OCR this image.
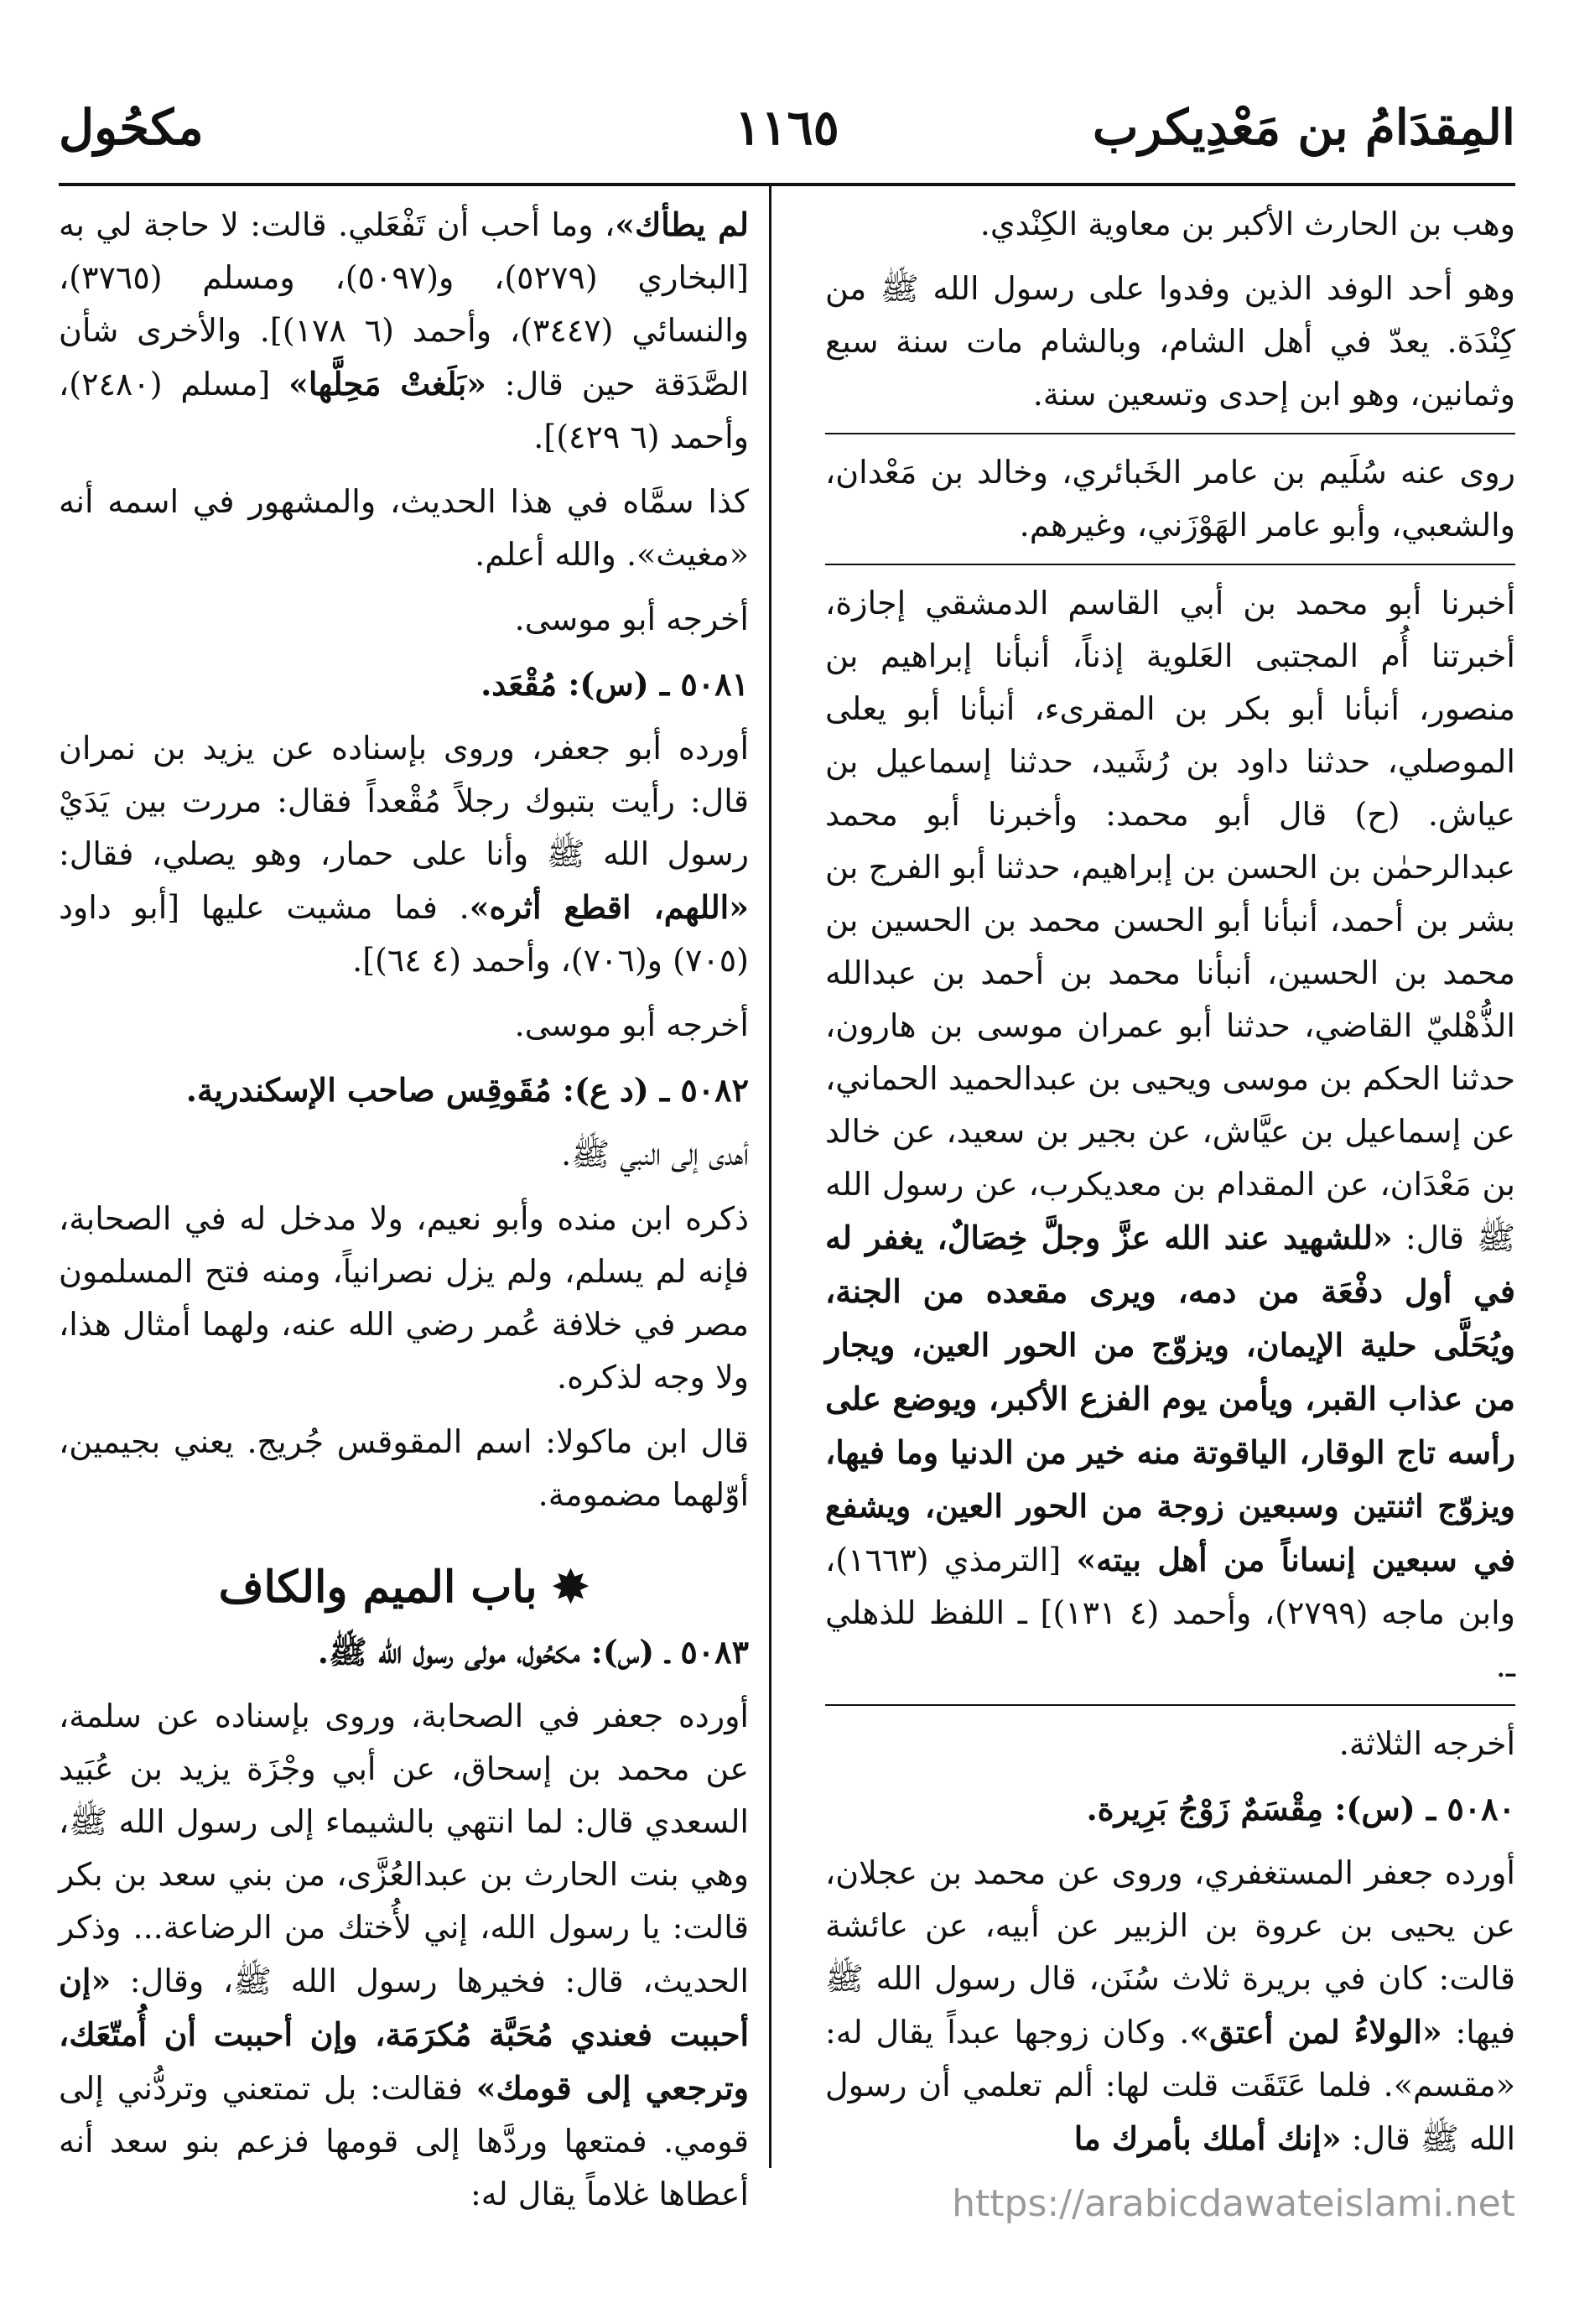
المِقدَامُ بن مَعْدِيكرب
١١٦٥
مكحُول

وهب بن الحارث الأكبر بن معاوية الكِنْدي.

وهو أحد الوفد الذين وفدوا على رسول الله ﷺ من كِنْدَة. يعدّ في أهل الشام، وبالشام مات سنة سبع وثمانين، وهو ابن إحدى وتسعين سنة.

روى عنه سُلَيم بن عامر الخَبائري، وخالد بن مَعْدان، والشعبي، وأبو عامر الهَوْزَني، وغيرهم.

أخبرنا أبو محمد بن أبي القاسم الدمشقي إجازة، أخبرتنا أُم المجتبى العَلوية إذناً، أنبأنا إبراهيم بن منصور، أنبأنا أبو بكر بن المقرىء، أنبأنا أبو يعلى الموصلي، حدثنا داود بن رُشَيد، حدثنا إسماعيل بن عياش. (ح) قال أبو محمد: وأخبرنا أبو محمد عبدالرحمٰن بن الحسن بن إبراهيم، حدثنا أبو الفرج بن بشر بن أحمد، أنبأنا أبو الحسن محمد بن الحسين بن محمد بن الحسين، أنبأنا محمد بن أحمد بن عبدالله الذُّهْليّ القاضي، حدثنا أبو عمران موسى بن هارون، حدثنا الحكم بن موسى ويحيى بن عبدالحميد الحماني، عن إسماعيل بن عيَّاش، عن بجير بن سعيد، عن خالد بن مَعْدَان، عن المقدام بن معديكرب، عن رسول الله ﷺ قال: «للشهيد عند الله عزَّ وجلَّ خِصَالٌ، يغفر له في أول دفْعَة من دمه، ويرى مقعده من الجنة، ويُحَلَّى حلية الإيمان، ويزوّج من الحور العين، ويجار من عذاب القبر، ويأمن يوم الفزع الأكبر، ويوضع على رأسه تاج الوقار، الياقوتة منه خير من الدنيا وما فيها، ويزوّج اثنتين وسبعين زوجة من الحور العين، ويشفع في سبعين إنساناً من أهل بيته» [الترمذي (١٦٦٣)، وابن ماجه (٢٧٩٩)، وأحمد (٤ ١٣١)] ـ اللفظ للذهلي ـ.

أخرجه الثلاثة.

٥٠٨٠ ـ (س): مِقْسَمٌ زَوْجُ بَرِيرة.

أورده جعفر المستغفري، وروى عن محمد بن عجلان، عن يحيى بن عروة بن الزبير عن أبيه، عن عائشة قالت: كان في بريرة ثلاث سُنَن، قال رسول الله ﷺ فيها: «الولاءُ لمن أعتق». وكان زوجها عبداً يقال له: «مقسم». فلما عَتَقَت قلت لها: ألم تعلمي أن رسول الله ﷺ قال: «إنك أملك بأمرك ما

لم يطأك»، وما أحب أن تَفْعَلي. قالت: لا حاجة لي به [البخاري (٥٢٧٩)، و(٥٠٩٧)، ومسلم (٣٧٦٥)، والنسائي (٣٤٤٧)، وأحمد (٦ ١٧٨)]. والأخرى شأن الصَّدَقة حين قال: «بَلَغتْ مَحِلَّها» [مسلم (٢٤٨٠)، وأحمد (٦ ٤٢٩)].

كذا سمَّاه في هذا الحديث، والمشهور في اسمه أنه «مغيث». والله أعلم.

أخرجه أبو موسى.

٥٠٨١ ـ (س): مُقْعَد.

أورده أبو جعفر، وروى بإسناده عن يزيد بن نمران قال: رأيت بتبوك رجلاً مُقْعداً فقال: مررت بين يَدَيْ رسول الله ﷺ وأنا على حمار، وهو يصلي، فقال: «اللهم، اقطع أثره». فما مشيت عليها [أبو داود (٧٠٥) و(٧٠٦)، وأحمد (٤ ٦٤)].

أخرجه أبو موسى.

٥٠٨٢ ـ (د ع): مُقَوقِس صاحب الإسكندرية.

أهدى إلى النبي ﷺ.

ذكره ابن منده وأبو نعيم، ولا مدخل له في الصحابة، فإنه لم يسلم، ولم يزل نصرانياً، ومنه فتح المسلمون مصر في خلافة عُمر رضي الله عنه، ولهما أمثال هذا، ولا وجه لذكره.

قال ابن ماكولا: اسم المقوقس جُريج. يعني بجيمين، أوّلهما مضمومة.

✸ باب الميم والكاف

٥٠٨٣ ـ (س): مكحُول، مولى رسول الله ﷺ.

أورده جعفر في الصحابة، وروى بإسناده عن سلمة، عن محمد بن إسحاق، عن أبي وجْزَة يزيد بن عُبَيد السعدي قال: لما انتهي بالشيماء إلى رسول الله ﷺ، وهي بنت الحارث بن عبدالعُزَّى، من بني سعد بن بكر قالت: يا رسول الله، إني لأُختك من الرضاعة... وذكر الحديث، قال: فخيرها رسول الله ﷺ، وقال: «إن أحببت فعندي مُحَبَّة مُكرَمَة، وإن أحببت أن أُمتّعَك، وترجعي إلى قومك» فقالت: بل تمتعني وتردُّني إلى قومي. فمتعها وردَّها إلى قومها فزعم بنو سعد أنه أعطاها غلاماً يقال له:	https://arabicdawateislami.net
